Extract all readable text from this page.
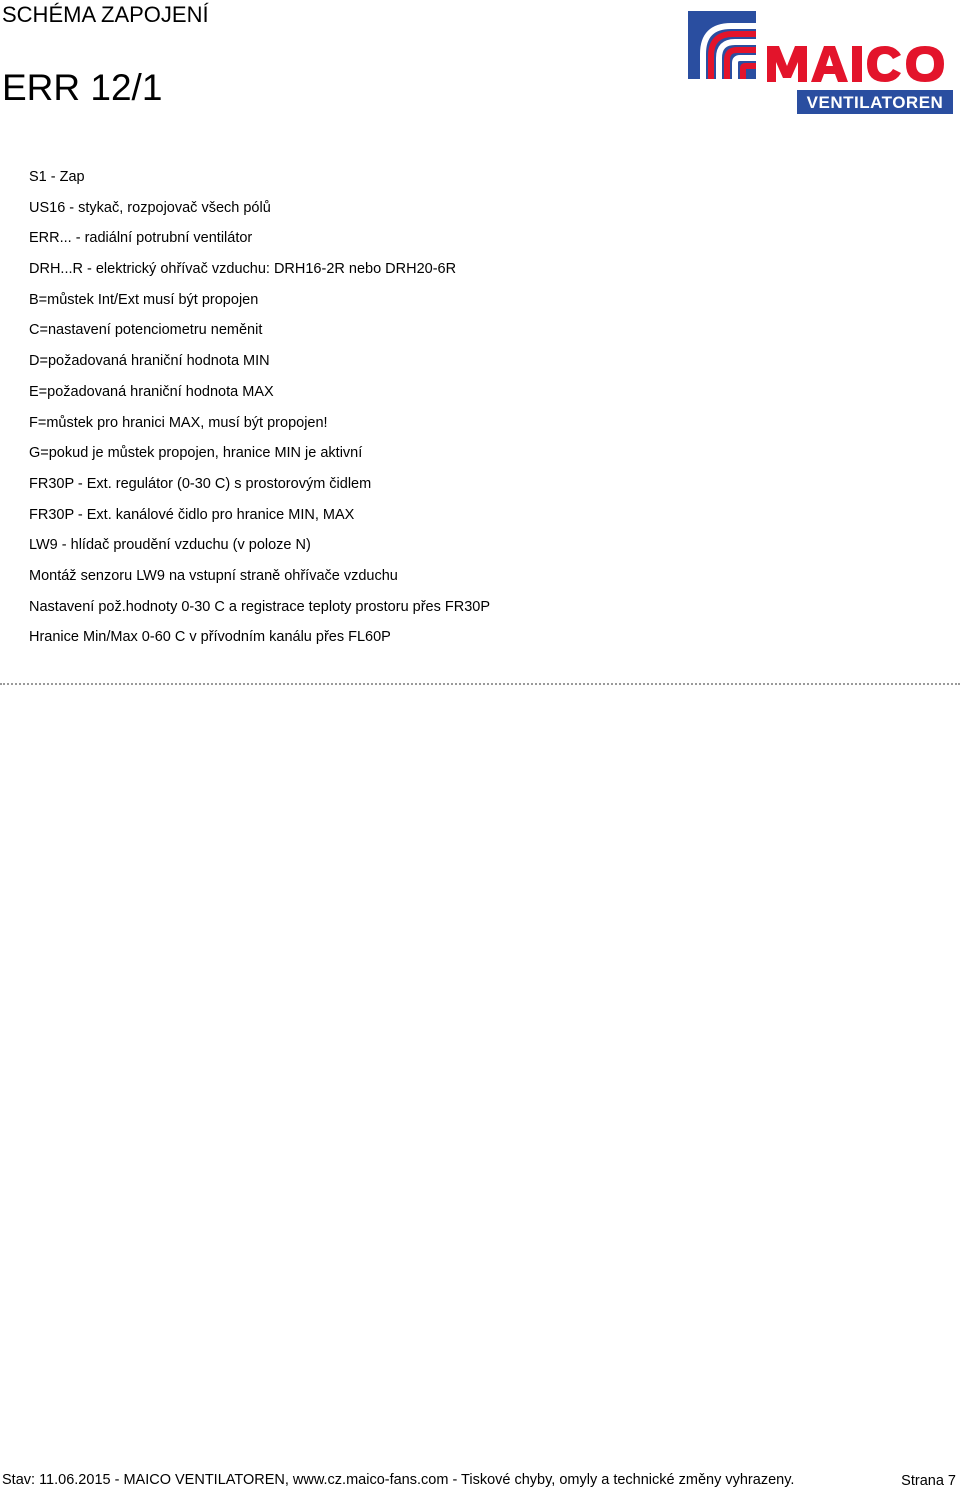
SCHÉMA ZAPOJENÍ
ERR 12/1	VENTILATOREN
S1 - Zap
US16 - stykač, rozpojovač všech pólů
ERR... - radiální potrubní ventilátor
DRH...R - elektrický ohřívač vzduchu: DRH16-2R nebo DRH20-6R
B=můstek Int/Ext musí být propojen
C=nastavení potenciometru neměnit
D=požadovaná hraniční hodnota MIN
E=požadovaná hraniční hodnota MAX
F=můstek pro hranici MAX, musí být propojen!
G=pokud je můstek propojen, hranice MIN je aktivní
FR30P - Ext. regulátor (0-30 C) s prostorovým čidlem
FR30P - Ext. kanálové čidlo pro hranice MIN, MAX
LW9 - hlídač proudění vzduchu (v poloze N)
Montáž senzoru LW9 na vstupní straně ohřívače vzduchu
Nastavení pož.hodnoty 0-30 C a registrace teploty prostoru přes FR30P
Hranice Min/Max 0-60 C v přívodním kanálu přes FL60P
Stav: 11.06.2015 - MAICO VENTILATOREN, www.cz.maico-fans.com - Tiskové chyby, omyly a technické změny vyhrazeny.	Strana 7
